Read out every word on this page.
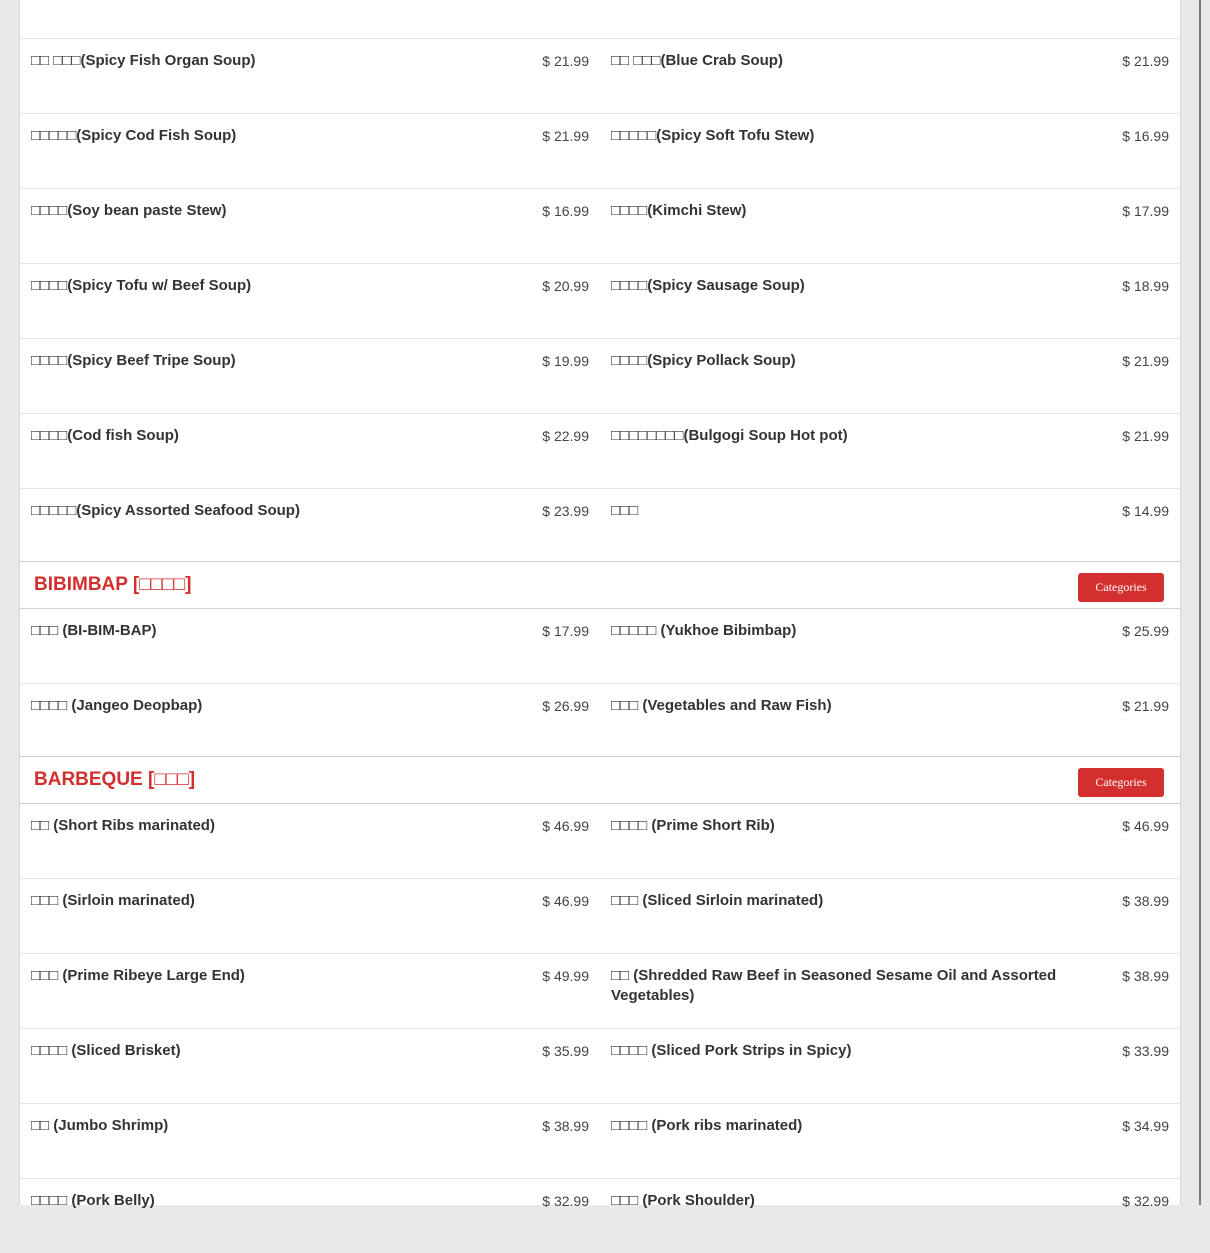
□□ □□□(Spicy Fish Organ Soup)	$ 21.99 □□ □□□(Blue Crab Soup)	$ 21.99
□□□□□(Spicy Cod Fish Soup)	$ 21.99 □□□□□(Spicy Soft Tofu Stew)	$ 16.99
□□□□(Soy bean paste Stew)	$ 16.99 □□□□(Kimchi Stew)	$ 17.99
□□□□(Spicy Tofu w/ Beef Soup)	$ 20.99 □□□□(Spicy Sausage Soup)	$ 18.99
□□□□(Spicy Beef Tripe Soup)	$ 19.99 □□□□(Spicy Pollack Soup)	$ 21.99
□□□□(Cod fish Soup)	$ 22.99 □□□□□□□□(Bulgogi Soup Hot pot)	$ 21.99
□□□□□(Spicy Assorted Seafood Soup)	$ 23.99 □□□	$ 14.99
BIBIMBAP [□□□□]	Categories
□□□ (BI-BIM-BAP)	$ 17.99 □□□□□ (Yukhoe Bibimbap)	$ 25.99
□□□□ (Jangeo Deopbap)	$ 26.99 □□□ (Vegetables and Raw Fish)	$ 21.99
BARBEQUE [□□□]	Categories
□□ (Short Ribs marinated)	$ 46.99 □□□□ (Prime Short Rib)	$ 46.99
□□□ (Sirloin marinated)	$ 46.99 □□□ (Sliced Sirloin marinated)	$ 38.99
□□□ (Prime Ribeye Large End)	$ 49.99 □□ (Shredded Raw Beef in Seasoned Sesame Oil and Assorted Vegetables)
$ 38.99
□□□□ (Sliced Brisket)	$ 35.99 □□□□ (Sliced Pork Strips in Spicy)	$ 33.99
□□ (Jumbo Shrimp)	$ 38.99 □□□□ (Pork ribs marinated)	$ 34.99
□□□□ (Pork Belly)	$ 32.99 □□□ (Pork Shoulder)	$ 32.99
